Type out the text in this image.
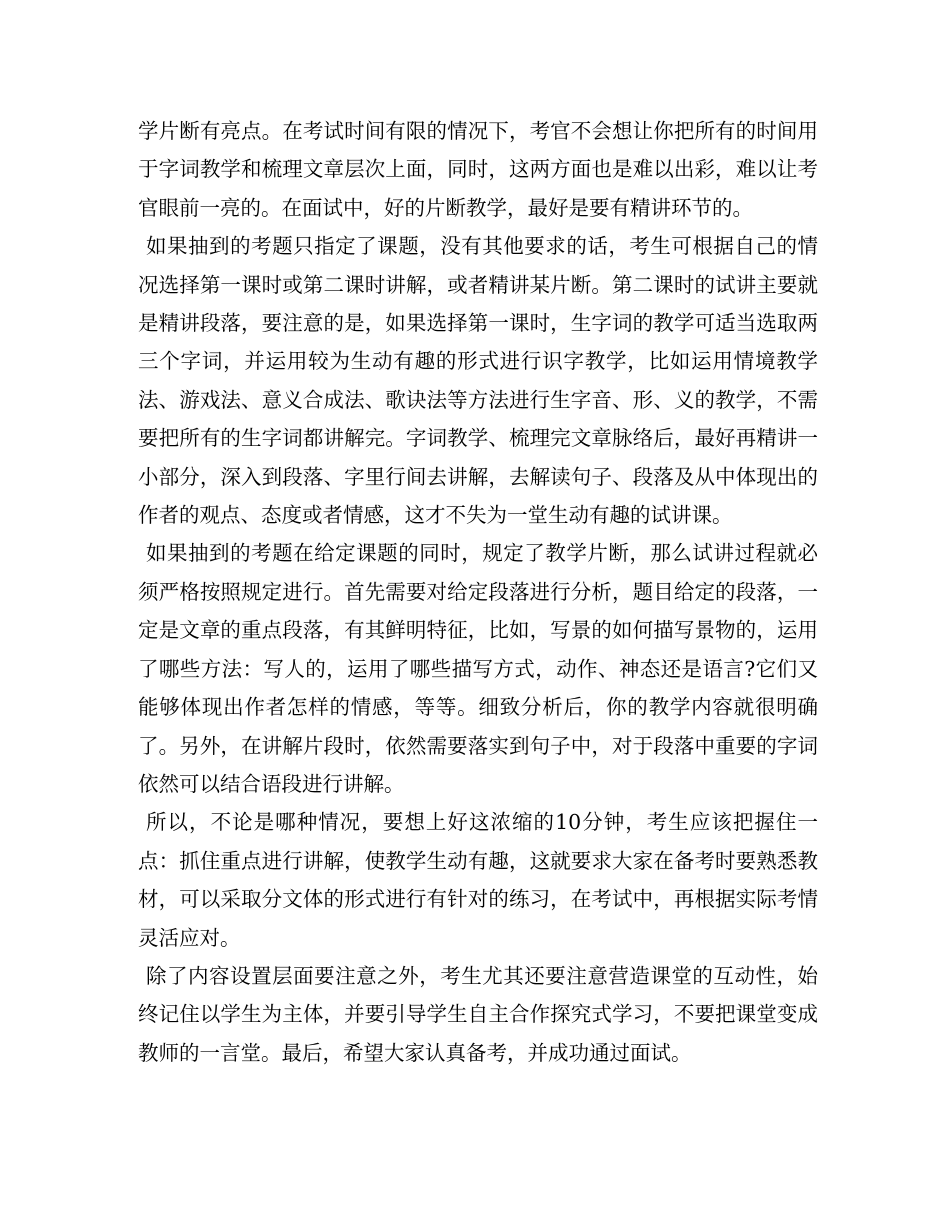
学片断有亮点。在考试时间有限的情况下，考官不会想让你把所有的时间用于字词教学和梳理文章层次上面，同时，这两方面也是难以出彩，难以让考官眼前一亮的。在面试中，好的片断教学，最好是要有精讲环节的。

如果抽到的考题只指定了课题，没有其他要求的话，考生可根据自己的情况选择第一课时或第二课时讲解，或者精讲某片断。第二课时的试讲主要就是精讲段落，要注意的是，如果选择第一课时，生字词的教学可适当选取两三个字词，并运用较为生动有趣的形式进行识字教学，比如运用情境教学法、游戏法、意义合成法、歌诀法等方法进行生字音、形、义的教学，不需要把所有的生字词都讲解完。字词教学、梳理完文章脉络后，最好再精讲一小部分，深入到段落、字里行间去讲解，去解读句子、段落及从中体现出的作者的观点、态度或者情感，这才不失为一堂生动有趣的试讲课。

如果抽到的考题在给定课题的同时，规定了教学片断，那么试讲过程就必须严格按照规定进行。首先需要对给定段落进行分析，题目给定的段落，一定是文章的重点段落，有其鲜明特征，比如，写景的如何描写景物的，运用了哪些方法：写人的，运用了哪些描写方式，动作、神态还是语言?它们又能够体现出作者怎样的情感，等等。细致分析后，你的教学内容就很明确了。另外，在讲解片段时，依然需要落实到句子中，对于段落中重要的字词依然可以结合语段进行讲解。

所以，不论是哪种情况，要想上好这浓缩的10分钟，考生应该把握住一点：抓住重点进行讲解，使教学生动有趣，这就要求大家在备考时要熟悉教材，可以采取分文体的形式进行有针对的练习，在考试中，再根据实际考情灵活应对。

除了内容设置层面要注意之外，考生尤其还要注意营造课堂的互动性，始终记住以学生为主体，并要引导学生自主合作探究式学习，不要把课堂变成教师的一言堂。最后，希望大家认真备考，并成功通过面试。
